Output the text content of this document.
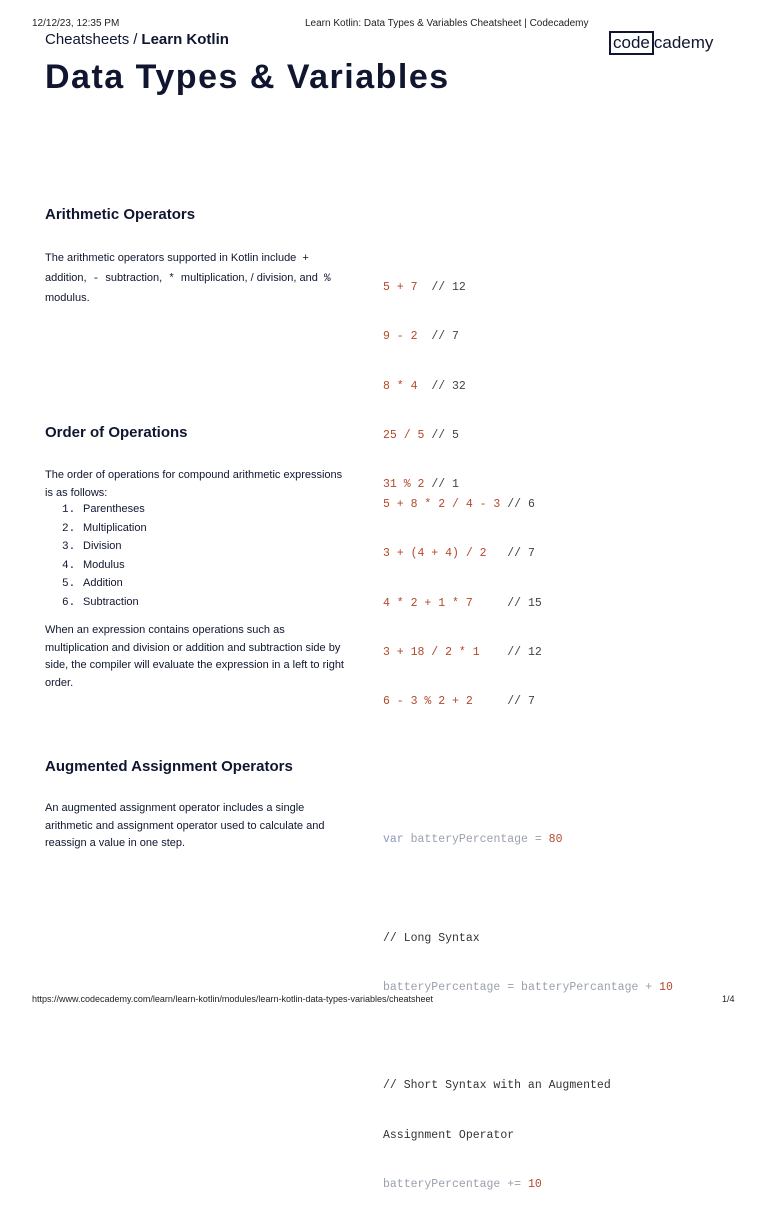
12/12/23, 12:35 PM	Learn Kotlin: Data Types & Variables Cheatsheet | Codecademy
Cheatsheets / Learn Kotlin	code cademy
Data Types & Variables
Arithmetic Operators

The arithmetic operators supported in Kotlin include + addition, - subtraction, * multiplication, / division, and % modulus.

5 + 7 // 12

9 - 2 // 7

8 * 4 // 32

25 / 5 // 5

31 % 2 // 1

Order of Operations

The order of operations for compound arithmetic expressions is as follows:

1. Parentheses
2. Multiplication
3. Division
4. Modulus
5. Addition
6. Subtraction

When an expression contains operations such as multiplication and division or addition and subtraction side by side, the compiler will evaluate the expression in a left to right order.

5 + 8 * 2 / 4 - 3 // 6

3 + (4 + 4) / 2 // 7

4 * 2 + 1 * 7	// 15

3 + 18 / 2 * 1 // 12

6 - 3 % 2 + 2	// 7

Augmented Assignment Operators

An augmented assignment operator includes a single arithmetic and assignment operator used to calculate and reassign a value in one step.

	var batteryPercentage = 80

// Long Syntax

batteryPercentage = batteryPercantage + 10

// Short Syntax with an Augmented

Assignment Operator

batteryPercentage += 10

https://www.codecademy.com/learn/learn-kotlin/modules/learn-kotlin-data-types-variables/cheatsheet	1/4
